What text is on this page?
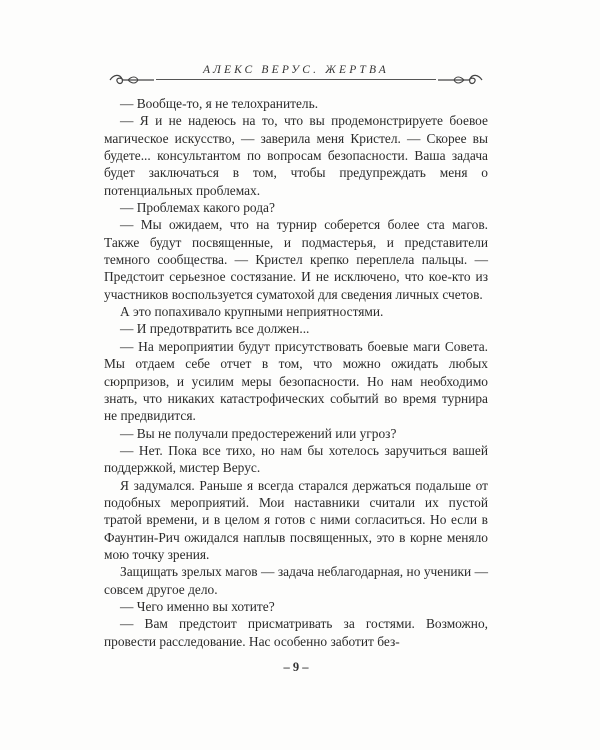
АЛЕКС ВЕРУС. ЖЕРТВА

— Вообще-то, я не телохранитель.

— Я и не надеюсь на то, что вы продемонстрируете боевое магическое искусство, — заверила меня Кристел. — Скорее вы будете... консультантом по вопросам безопасности. Ваша задача будет заключаться в том, чтобы предупреждать меня о потенциальных проблемах.

— Проблемах какого рода?

— Мы ожидаем, что на турнир соберется более ста магов. Также будут посвященные, и подмастерья, и представители темного сообщества. — Кристел крепко переплела пальцы. — Предстоит серьезное состязание. И не исключено, что кое-кто из участников воспользуется суматохой для сведения личных счетов.

А это попахивало крупными неприятностями.

— И предотвратить все должен...

— На мероприятии будут присутствовать боевые маги Совета. Мы отдаем себе отчет в том, что можно ожидать любых сюрпризов, и усилим меры безопасности. Но нам необходимо знать, что никаких катастрофических событий во время турнира не предвидится.

— Вы не получали предостережений или угроз?

— Нет. Пока все тихо, но нам бы хотелось заручиться вашей поддержкой, мистер Верус.

Я задумался. Раньше я всегда старался держаться подальше от подобных мероприятий. Мои наставники считали их пустой тратой времени, и в целом я готов с ними согласиться. Но если в Фаунтин-Рич ожидался наплыв посвященных, это в корне меняло мою точку зрения.

Защищать зрелых магов — задача неблагодарная, но ученики — совсем другое дело.

— Чего именно вы хотите?

— Вам предстоит присматривать за гостями. Возможно, провести расследование. Нас особенно заботит без-

– 9 –
